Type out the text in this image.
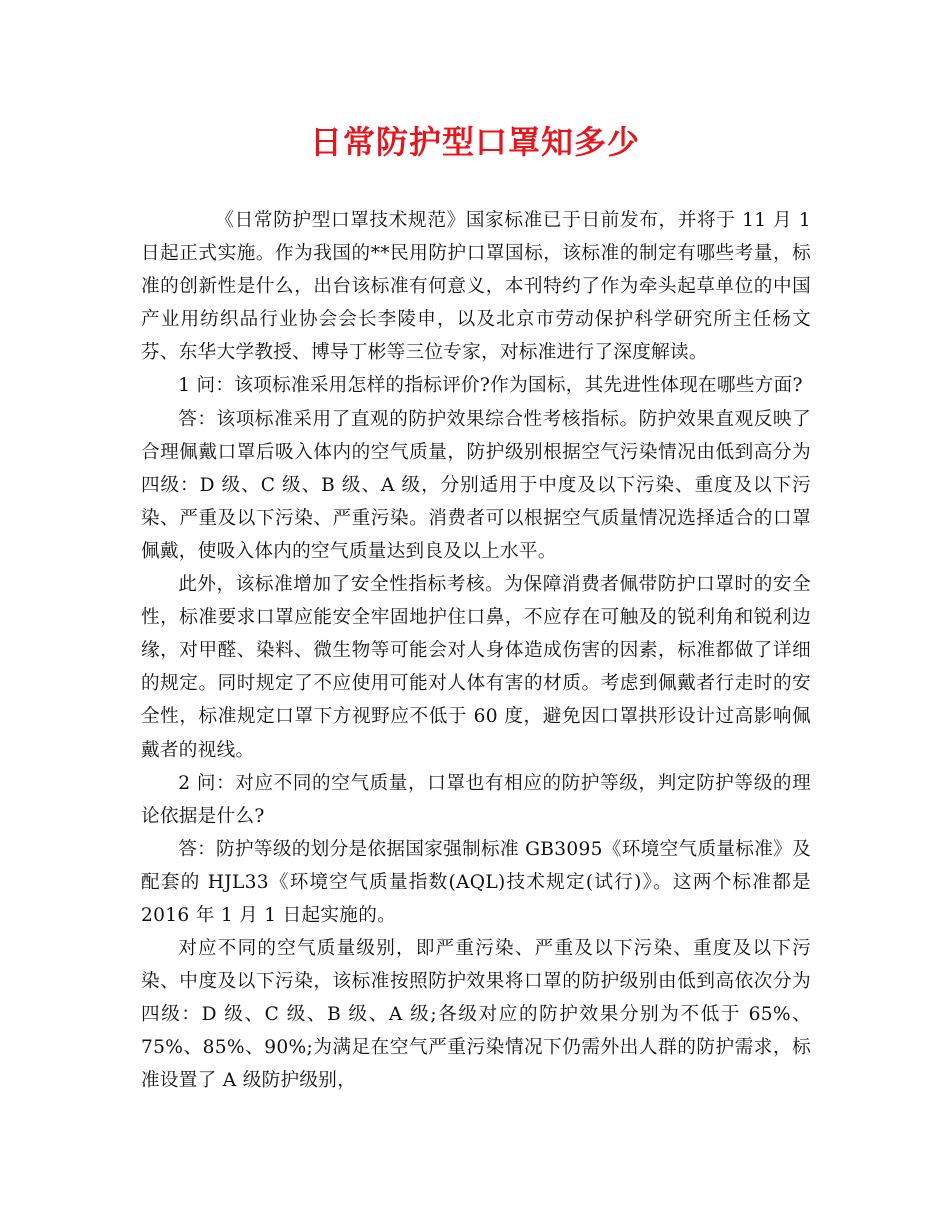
日常防护型口罩知多少

《日常防护型口罩技术规范》国家标准已于日前发布，并将于 11 月 1 日起正式实施。作为我国的**民用防护口罩国标，该标准的制定有哪些考量，标准的创新性是什么，出台该标准有何意义，本刊特约了作为牵头起草单位的中国产业用纺织品行业协会会长李陵申，以及北京市劳动保护科学研究所主任杨文芬、东华大学教授、博导丁彬等三位专家，对标准进行了深度解读。

1 问：该项标准采用怎样的指标评价?作为国标，其先进性体现在哪些方面?

答：该项标准采用了直观的防护效果综合性考核指标。防护效果直观反映了合理佩戴口罩后吸入体内的空气质量，防护级别根据空气污染情况由低到高分为四级：D 级、C 级、B 级、A 级，分别适用于中度及以下污染、重度及以下污染、严重及以下污染、严重污染。消费者可以根据空气质量情况选择适合的口罩佩戴，使吸入体内的空气质量达到良及以上水平。

此外，该标准增加了安全性指标考核。为保障消费者佩带防护口罩时的安全性，标准要求口罩应能安全牢固地护住口鼻，不应存在可触及的锐利角和锐利边缘，对甲醛、染料、微生物等可能会对人身体造成伤害的因素，标准都做了详细的规定。同时规定了不应使用可能对人体有害的材质。考虑到佩戴者行走时的安全性，标准规定口罩下方视野应不低于 60 度，避免因口罩拱形设计过高影响佩戴者的视线。

2 问：对应不同的空气质量，口罩也有相应的防护等级，判定防护等级的理论依据是什么?

答：防护等级的划分是依据国家强制标准 GB3095《环境空气质量标准》及配套的 HJL33《环境空气质量指数(AQL)技术规定(试行)》。这两个标准都是 2016 年 1 月 1 日起实施的。

对应不同的空气质量级别，即严重污染、严重及以下污染、重度及以下污染、中度及以下污染，该标准按照防护效果将口罩的防护级别由低到高依次分为四级：D 级、C 级、B 级、A 级;各级对应的防护效果分别为不低于 65%、75%、85%、90%;为满足在空气严重污染情况下仍需外出人群的防护需求，标准设置了 A 级防护级别，
